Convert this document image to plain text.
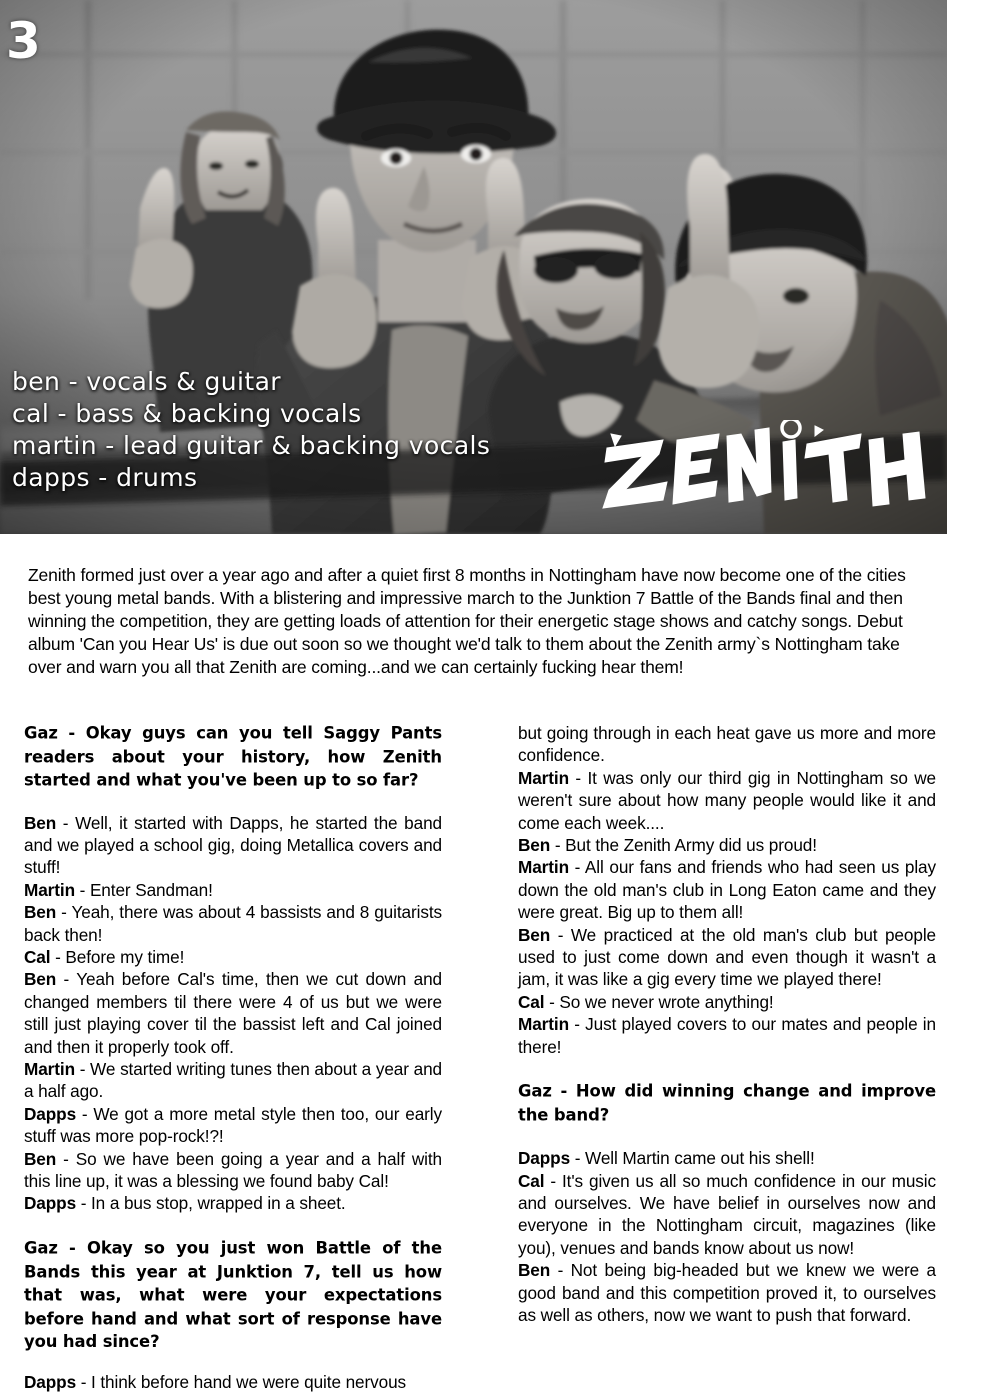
3
ben - vocals & guitar
cal - bass & backing vocals
martin - lead guitar & backing vocals
dapps - drums

Zenith formed just over a year ago and after a quiet first 8 months in Nottingham have now become one of the cities best young metal bands. With a blistering and impressive march to the Junktion 7 Battle of the Bands final and then winning the competition, they are getting loads of attention for their energetic stage shows and catchy songs. Debut album 'Can you Hear Us' is due out soon so we thought we'd talk to them about the Zenith army`s Nottingham take over and warn you all that Zenith are coming...and we can certainly fucking hear them!

Gaz - Okay guys can you tell Saggy Pants readers about your history, how Zenith started and what you've been up to so far?

Ben - Well, it started with Dapps, he started the band and we played a school gig, doing Metallica covers and stuff!
Martin - Enter Sandman!
Ben - Yeah, there was about 4 bassists and 8 guitarists back then!
Cal - Before my time!
Ben - Yeah before Cal's time, then we cut down and changed members til there were 4 of us but we were still just playing cover til the bassist left and Cal joined and then it properly took off.
Martin - We started writing tunes then about a year and a half ago.
Dapps - We got a more metal style then too, our early stuff was more pop-rock!?!
Ben - So we have been going a year and a half with this line up, it was a blessing we found baby Cal!
Dapps - In a bus stop, wrapped in a sheet.

Gaz - Okay so you just won Battle of the Bands this year at Junktion 7, tell us how that was, what were your expectations before hand and what sort of response have you had since?

Dapps - I think before hand we were quite nervous

but going through in each heat gave us more and more confidence.

Martin - It was only our third gig in Nottingham so we weren't sure about how many people would like it and come each week....
Ben - But the Zenith Army did us proud!
Martin - All our fans and friends who had seen us play down the old man's club in Long Eaton came and they were great. Big up to them all!
Ben - We practiced at the old man's club but people used to just come down and even though it wasn't a jam, it was like a gig every time we played there!
Cal - So we never wrote anything!
Martin - Just played covers to our mates and people in there!

Gaz - How did winning change and improve the band?

Dapps - Well Martin came out his shell!
Cal - It's given us all so much confidence in our music and ourselves. We have belief in ourselves now and everyone in the Nottingham circuit, magazines (like you), venues and bands know about us now!
Ben - Not being big-headed but we knew we were a good band and this competition proved it, to ourselves as well as others, now we want to push that forward.
